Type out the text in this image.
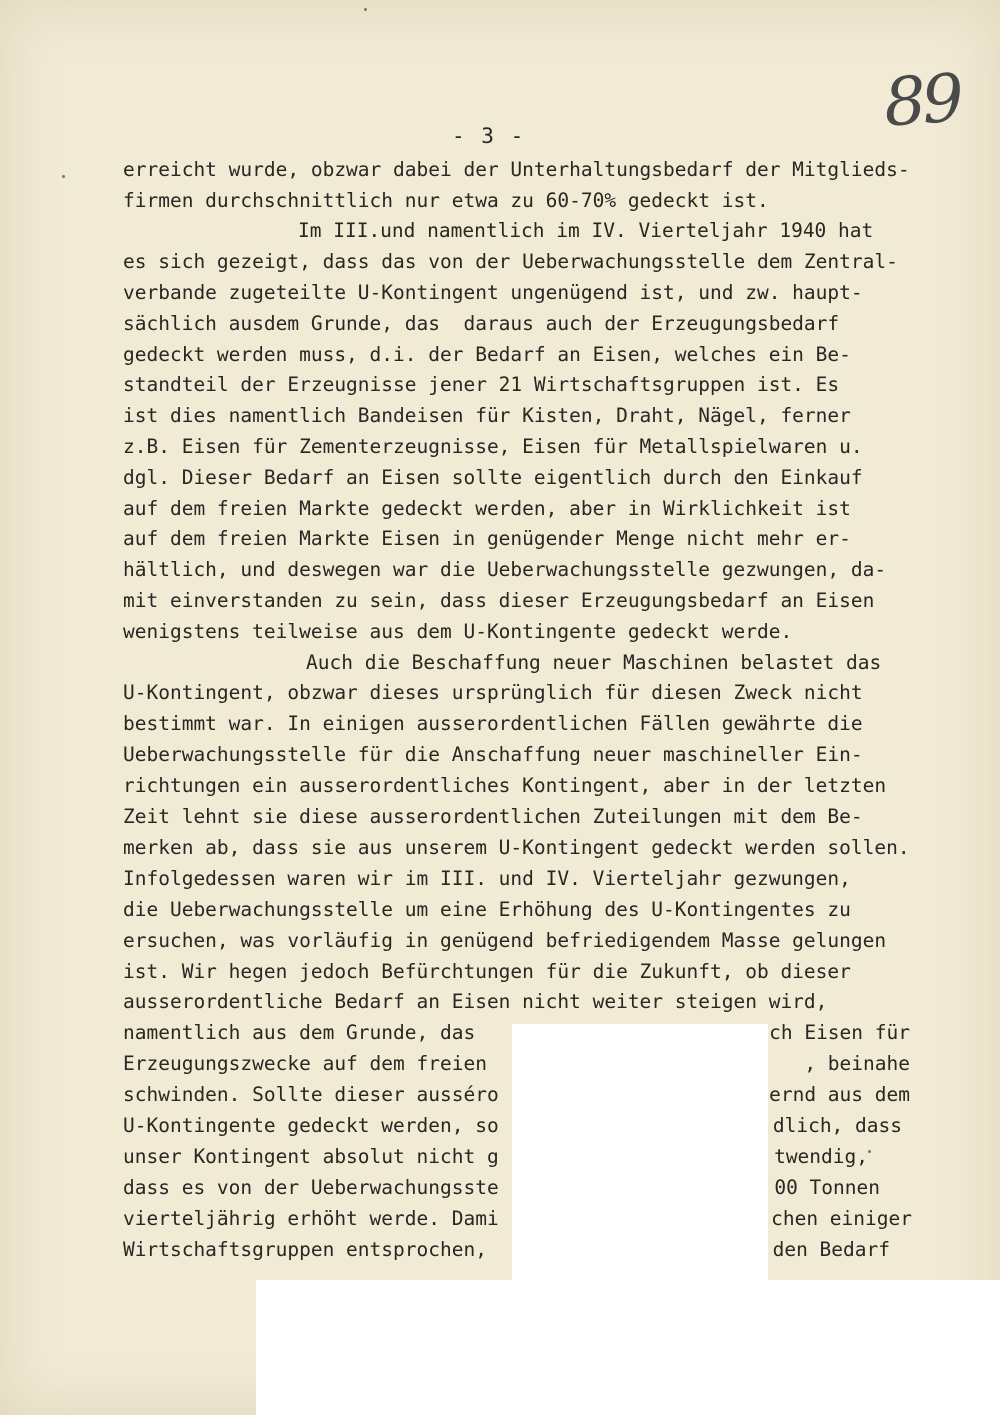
89
- 3 -
erreicht wurde, obzwar dabei der Unterhaltungsbedarf der Mitglieds-
firmen durchschnittlich nur etwa zu 60-70% gedeckt ist.
Im III.und namentlich im IV. Vierteljahr 1940 hat
es sich gezeigt, dass das von der Ueberwachungsstelle dem Zentral-
verbande zugeteilte U-Kontingent ungenügend ist, und zw. haupt-
sächlich ausdem Grunde, das  daraus auch der Erzeugungsbedarf
gedeckt werden muss, d.i. der Bedarf an Eisen, welches ein Be-
standteil der Erzeugnisse jener 21 Wirtschaftsgruppen ist. Es
ist dies namentlich Bandeisen für Kisten, Draht, Nägel, ferner
z.B. Eisen für Zementerzeugnisse, Eisen für Metallspielwaren u.
dgl. Dieser Bedarf an Eisen sollte eigentlich durch den Einkauf
auf dem freien Markte gedeckt werden, aber in Wirklichkeit ist
auf dem freien Markte Eisen in genügender Menge nicht mehr er-
hältlich, und deswegen war die Ueberwachungsstelle gezwungen, da-
mit einverstanden zu sein, dass dieser Erzeugungsbedarf an Eisen
wenigstens teilweise aus dem U-Kontingente gedeckt werde.
Auch die Beschaffung neuer Maschinen belastet das
U-Kontingent, obzwar dieses ursprünglich für diesen Zweck nicht
bestimmt war. In einigen ausserordentlichen Fällen gewährte die
Ueberwachungsstelle für die Anschaffung neuer maschineller Ein-
richtungen ein ausserordentliches Kontingent, aber in der letzten
Zeit lehnt sie diese ausserordentlichen Zuteilungen mit dem Be-
merken ab, dass sie aus unserem U-Kontingent gedeckt werden sollen.
Infolgedessen waren wir im III. und IV. Vierteljahr gezwungen,
die Ueberwachungsstelle um eine Erhöhung des U-Kontingentes zu
ersuchen, was vorläufig in genügend befriedigendem Masse gelungen
ist. Wir hegen jedoch Befürchtungen für die Zukunft, ob dieser
ausserordentliche Bedarf an Eisen nicht weiter steigen wird,
namentlich aus dem Grunde, das
Erzeugungszwecke auf dem freien
schwinden. Sollte dieser ausséro
U-Kontingente gedeckt werden, so
unser Kontingent absolut nicht g
dass es von der Ueberwachungsste
vierteljährig erhöht werde. Dami
Wirtschaftsgruppen entsprochen,
ch Eisen für
, beinahe
ernd aus dem
dlich, dass
twendig,
00 Tonnen
chen einiger
den Bedarf
